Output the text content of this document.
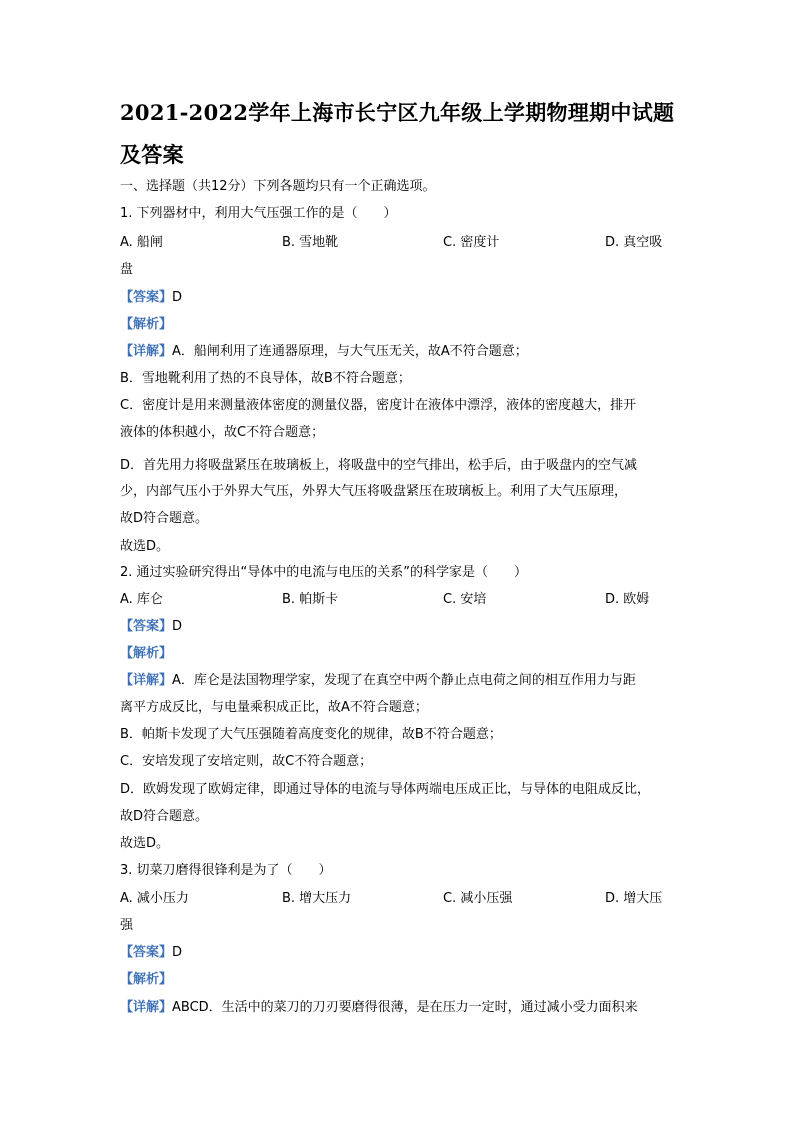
2021-2022学年上海市长宁区九年级上学期物理期中试题及答案
一、选择题（共12分）下列各题均只有一个正确选项。
1. 下列器材中，利用大气压强工作的是（　　）
A. 船闸	B. 雪地靴	C. 密度计	D. 真空吸
盘
【答案】D
【解析】
【详解】A．船闸利用了连通器原理，与大气压无关，故A不符合题意；
B．雪地靴利用了热的不良导体，故B不符合题意；
C．密度计是用来测量液体密度的测量仪器，密度计在液体中漂浮，液体的密度越大，排开
液体的体积越小，故C不符合题意；
D．首先用力将吸盘紧压在玻璃板上，将吸盘中的空气排出，松手后，由于吸盘内的空气减
少，内部气压小于外界大气压，外界大气压将吸盘紧压在玻璃板上。利用了大气压原理，
故D符合题意。
故选D。
2. 通过实验研究得出“导体中的电流与电压的关系”的科学家是（　　）
A. 库仑	B. 帕斯卡	C. 安培	D. 欧姆
【答案】D
【解析】
【详解】A．库仑是法国物理学家，发现了在真空中两个静止点电荷之间的相互作用力与距
离平方成反比，与电量乘积成正比，故A不符合题意；
B．帕斯卡发现了大气压强随着高度变化的规律，故B不符合题意；
C．安培发现了安培定则，故C不符合题意；
D．欧姆发现了欧姆定律，即通过导体的电流与导体两端电压成正比，与导体的电阻成反比，
故D符合题意。
故选D。
3. 切菜刀磨得很锋利是为了（　　）
A. 减小压力	B. 增大压力	C. 减小压强	D. 增大压
强
【答案】D
【解析】
【详解】ABCD．生活中的菜刀的刀刃要磨得很薄，是在压力一定时，通过减小受力面积来
